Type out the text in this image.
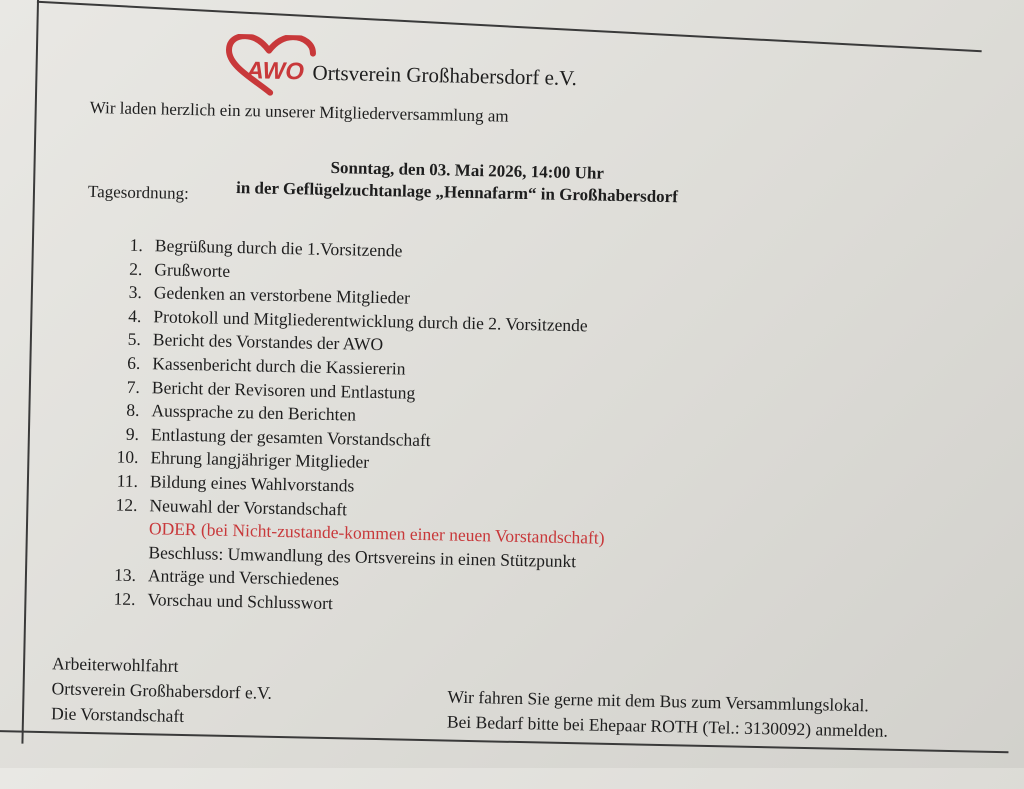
AWO Ortsverein Großhabersdorf e.V.
Wir laden herzlich ein zu unserer Mitgliederversammlung am
Sonntag, den 03. Mai 2026, 14:00 Uhr
in der Geflügelzuchtanlage „Hennafarm“ in Großhabersdorf
Tagesordnung:
1. Begrüßung durch die 1.Vorsitzende
2. Grußworte
3. Gedenken an verstorbene Mitglieder
4. Protokoll und Mitgliederentwicklung durch die 2. Vorsitzende
5. Bericht des Vorstandes der AWO
6. Kassenbericht durch die Kassiererin
7. Bericht der Revisoren und Entlastung
8. Aussprache zu den Berichten
9. Entlastung der gesamten Vorstandschaft
10. Ehrung langjähriger Mitglieder
11. Bildung eines Wahlvorstands
12. Neuwahl der Vorstandschaft
ODER (bei Nicht-zustande-kommen einer neuen Vorstandschaft)
Beschluss: Umwandlung des Ortsvereins in einen Stützpunkt
13. Anträge und Verschiedenes
12. Vorschau und Schlusswort
Arbeiterwohlfahrt
Ortsverein Großhabersdorf e.V.
Die Vorstandschaft	Wir fahren Sie gerne mit dem Bus zum Versammlungslokal.
Bei Bedarf bitte bei Ehepaar ROTH (Tel.: 3130092) anmelden.
